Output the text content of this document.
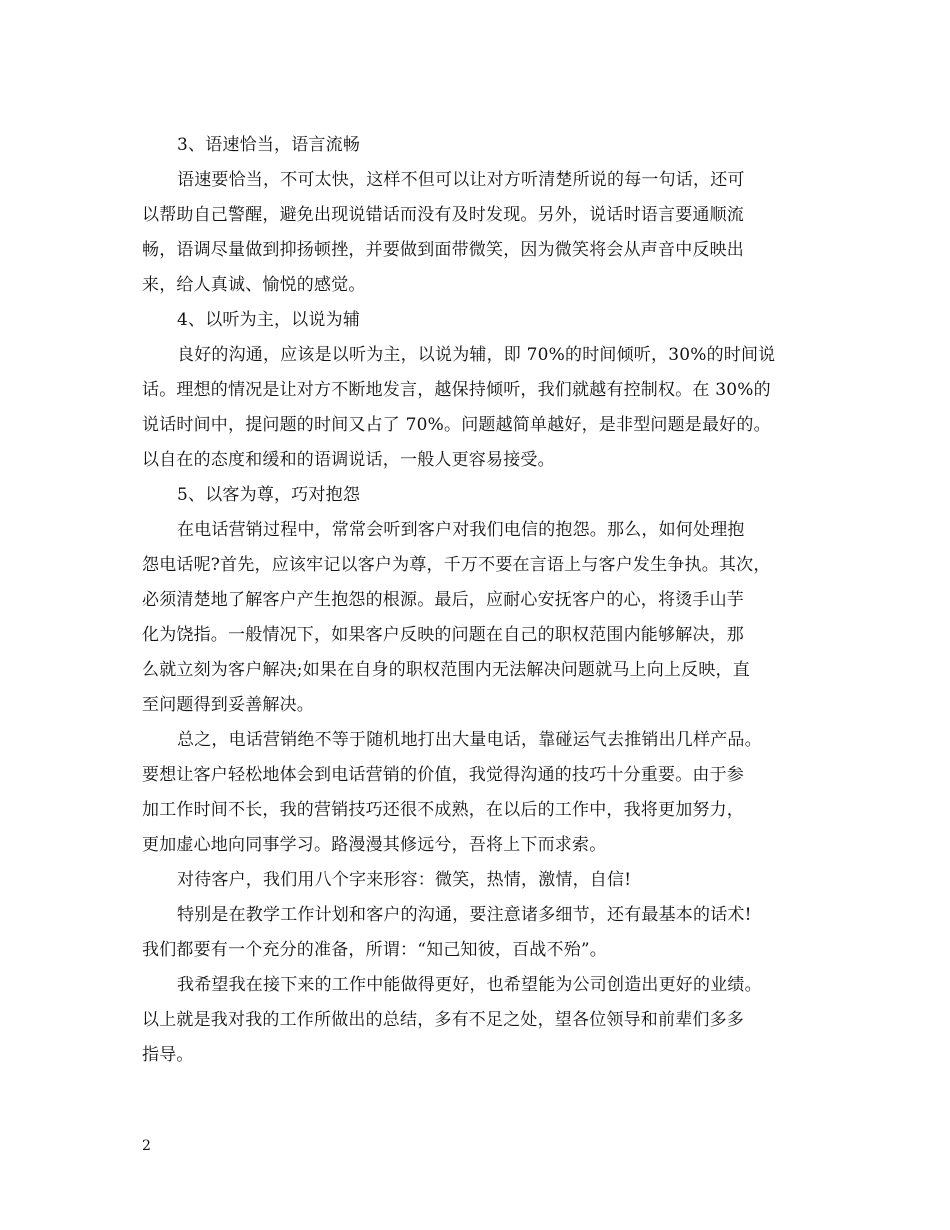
3、语速恰当，语言流畅
语速要恰当，不可太快，这样不但可以让对方听清楚所说的每一句话，还可
以帮助自己警醒，避免出现说错话而没有及时发现。另外，说话时语言要通顺流
畅，语调尽量做到抑扬顿挫，并要做到面带微笑，因为微笑将会从声音中反映出
来，给人真诚、愉悦的感觉。
4、以听为主，以说为辅
良好的沟通，应该是以听为主，以说为辅，即 70%的时间倾听，30%的时间说
话。理想的情况是让对方不断地发言，越保持倾听，我们就越有控制权。在 30%的
说话时间中，提问题的时间又占了 70%。问题越简单越好，是非型问题是最好的。
以自在的态度和缓和的语调说话，一般人更容易接受。
5、以客为尊，巧对抱怨
在电话营销过程中，常常会听到客户对我们电信的抱怨。那么，如何处理抱
怨电话呢?首先，应该牢记以客户为尊，千万不要在言语上与客户发生争执。其次，
必须清楚地了解客户产生抱怨的根源。最后，应耐心安抚客户的心，将烫手山芋
化为饶指。一般情况下，如果客户反映的问题在自己的职权范围内能够解决，那
么就立刻为客户解决;如果在自身的职权范围内无法解决问题就马上向上反映，直
至问题得到妥善解决。
总之，电话营销绝不等于随机地打出大量电话，靠碰运气去推销出几样产品。
要想让客户轻松地体会到电话营销的价值，我觉得沟通的技巧十分重要。由于参
加工作时间不长，我的营销技巧还很不成熟，在以后的工作中，我将更加努力，
更加虚心地向同事学习。路漫漫其修远兮，吾将上下而求索。
对待客户，我们用八个字来形容：微笑，热情，激情，自信!
特别是在教学工作计划和客户的沟通，要注意诸多细节，还有最基本的话术!
我们都要有一个充分的准备，所谓：“知己知彼，百战不殆”。
我希望我在接下来的工作中能做得更好，也希望能为公司创造出更好的业绩。
以上就是我对我的工作所做出的总结，多有不足之处，望各位领导和前辈们多多
指导。
2
